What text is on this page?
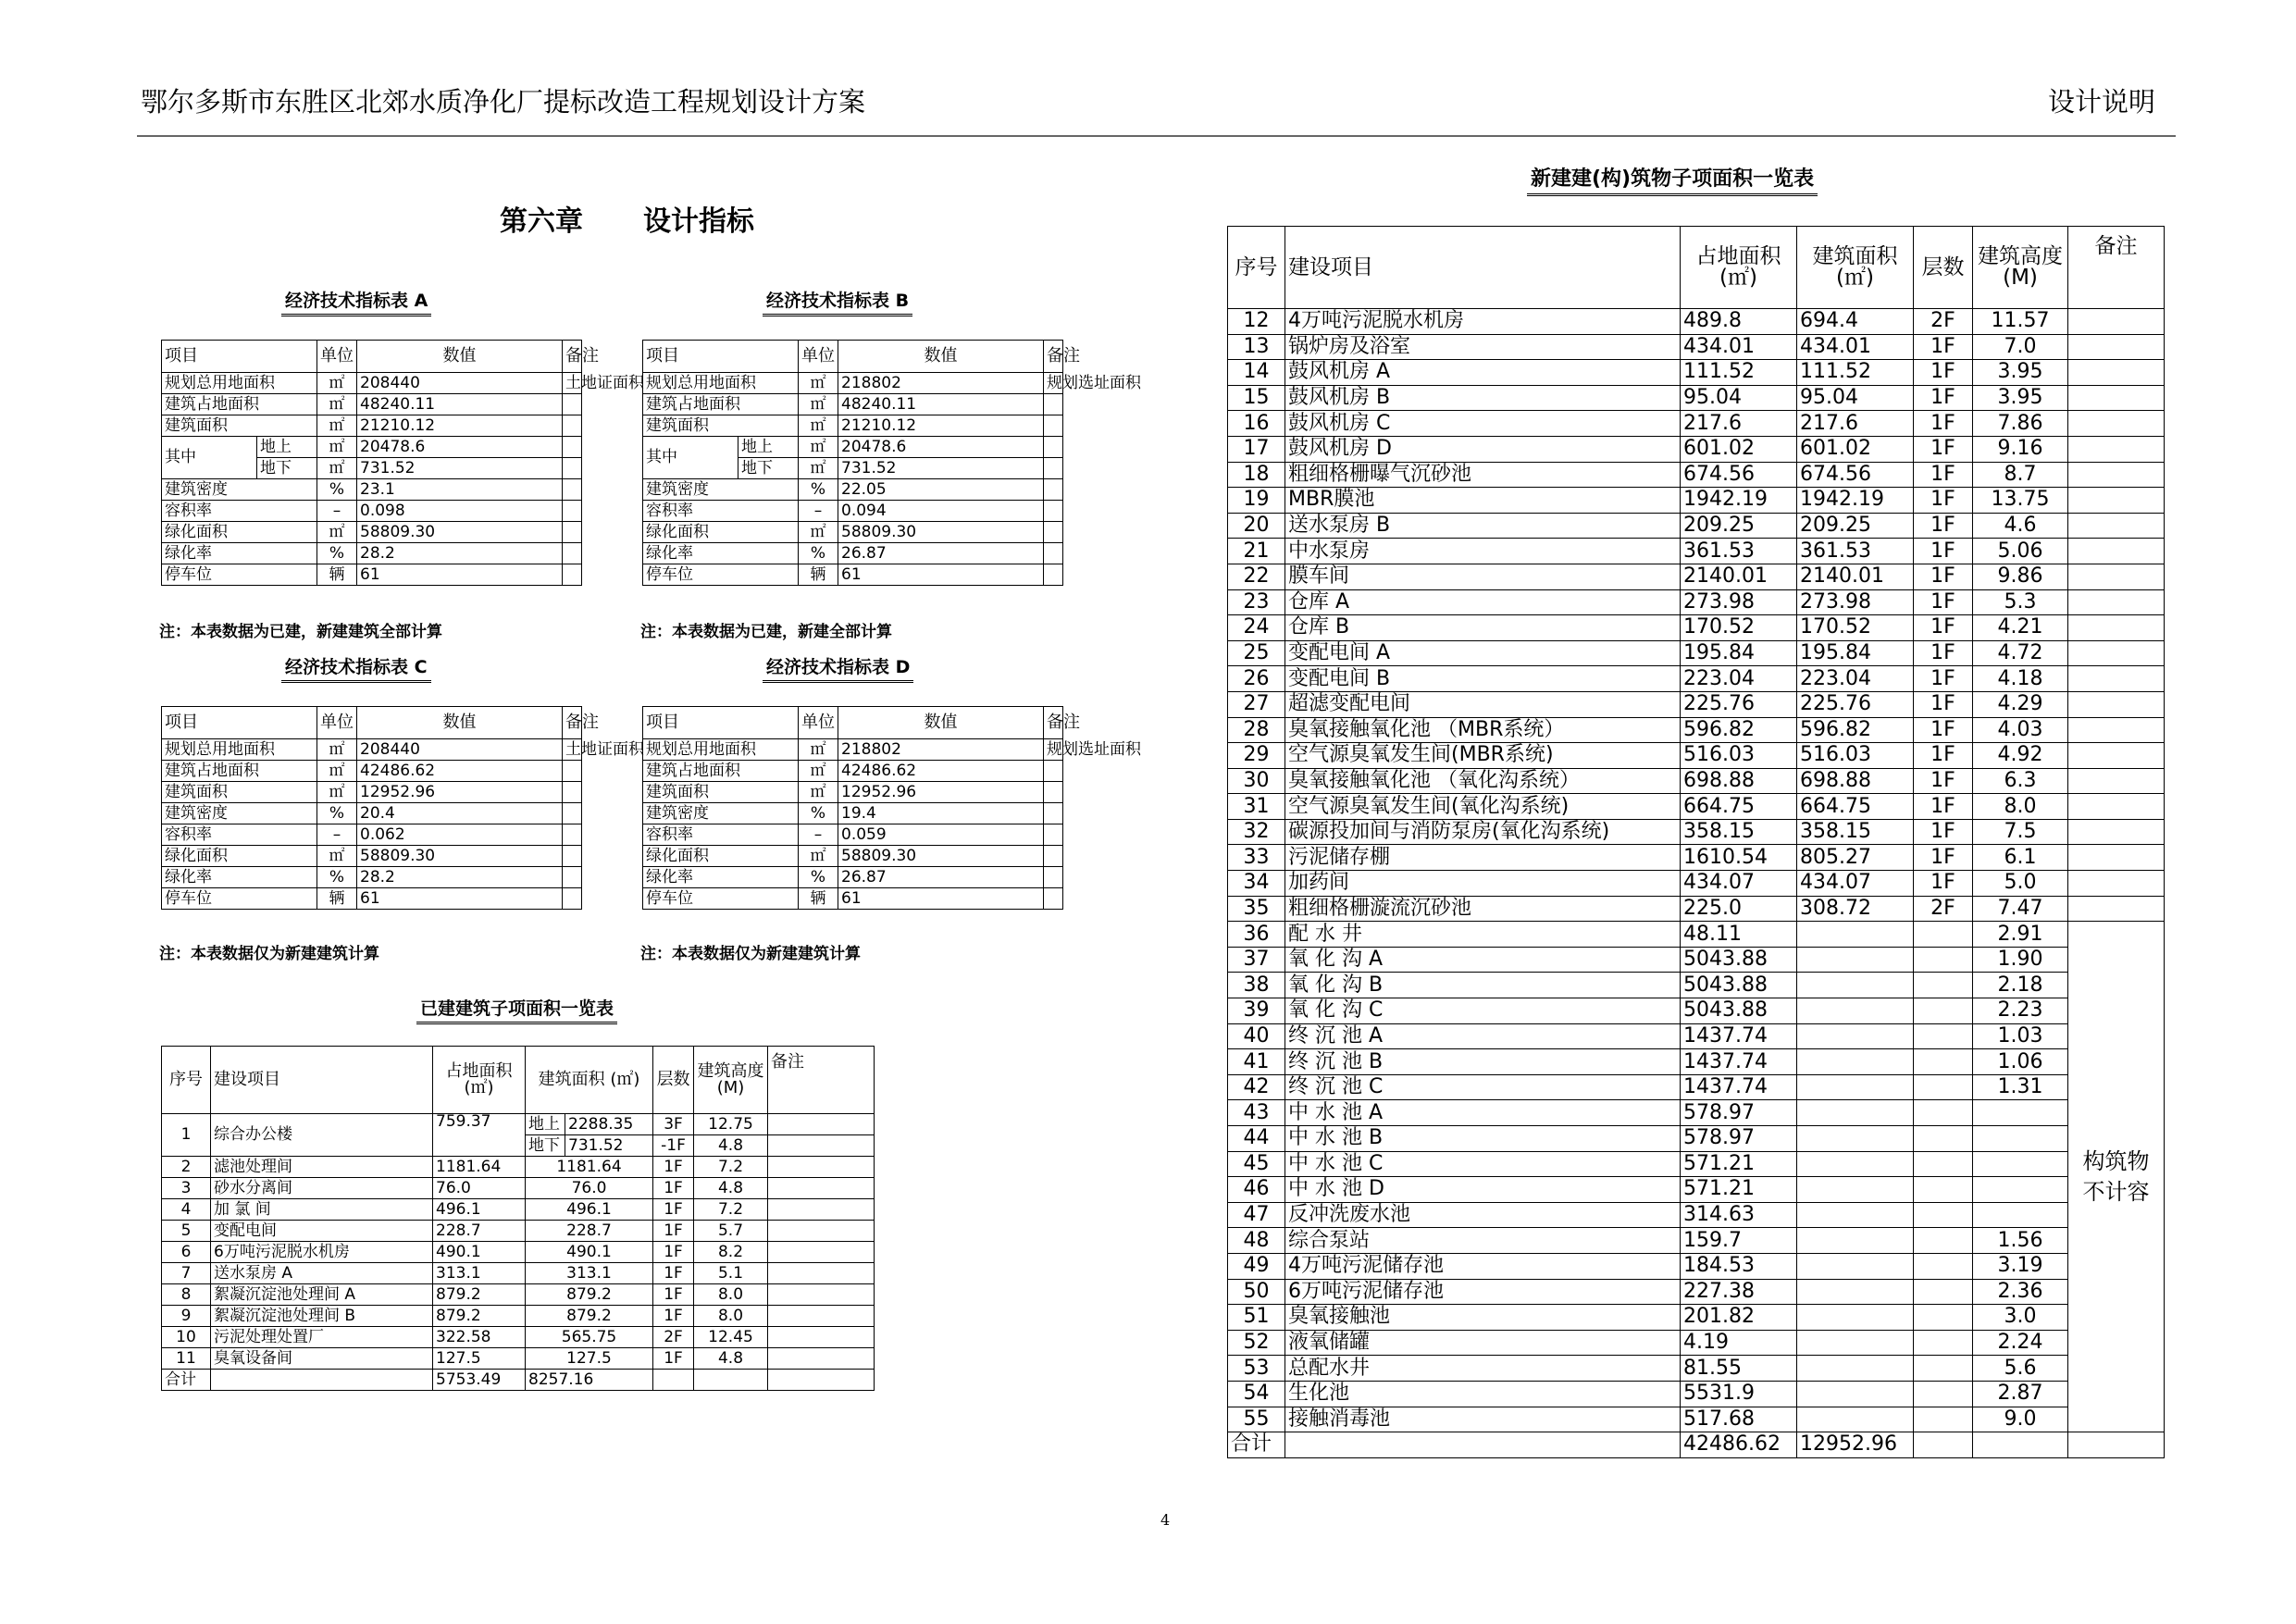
鄂尔多斯市东胜区北郊水质净化厂提标改造工程规划设计方案	设计说明
第六章 设计指标
经济技术指标表 A	经济技术指标表 B
经济技术指标表 C	经济技术指标表 D
已建建筑子项面积一览表
新建建(构)筑物子项面积一览表
项目		单位	数值	备注
规划总用地面积		㎡	208440	土地证面积
建筑占地面积		㎡	48240.11	
建筑面积		㎡	21210.12	
其中	地上	㎡	20478.6	
	地下	㎡	731.52	
建筑密度		%	23.1	
容积率		–	0.098	
绿化面积		㎡	58809.30	
绿化率		%	28.2	
停车位		辆	61	
项目		单位	数值	备注
规划总用地面积		㎡	218802	规划选址面积
建筑占地面积		㎡	48240.11	
建筑面积		㎡	21210.12	
其中	地上	㎡	20478.6	
	地下	㎡	731.52	
建筑密度		%	22.05	
容积率		–	0.094	
绿化面积		㎡	58809.30	
绿化率		%	26.87	
停车位		辆	61	
项目	单位	数值	备注
规划总用地面积	㎡	208440	土地证面积
建筑占地面积	㎡	42486.62	
建筑面积	㎡	12952.96	
建筑密度	%	20.4	
容积率	–	0.062	
绿化面积	㎡	58809.30	
绿化率	%	28.2	
停车位	辆	61	
项目	单位	数值	备注
规划总用地面积	㎡	218802	规划选址面积
建筑占地面积	㎡	42486.62	
建筑面积	㎡	12952.96	
建筑密度	%	19.4	
容积率	–	0.059	
绿化面积	㎡	58809.30	
绿化率	%	26.87	
停车位	辆	61	
注：本表数据为已建，新建建筑全部计算	注：本表数据为已建，新建全部计算
注：本表数据仅为新建建筑计算	注：本表数据仅为新建建筑计算
序号	建设项目	占地面积 (㎡)	建筑面积 (㎡)		层数	建筑高度 (M)	备注
1	综合办公楼	759.37	地上	2288.35	3F	12.75	
			地下	731.52	-1F	4.8	
2	滤池处理间	1181.64	1181.64		1F	7.2	
3	砂水分离间	76.0	76.0		1F	4.8	
4	加 氯 间	496.1	496.1		1F	7.2	
5	变配电间	228.7	228.7		1F	5.7	
6	6万吨污泥脱水机房	490.1	490.1		1F	8.2	
7	送水泵房 A	313.1	313.1		1F	5.1	
8	絮凝沉淀池处理间 A	879.2	879.2		1F	8.0	
9	絮凝沉淀池处理间 B	879.2	879.2		1F	8.0	
10	污泥处理处置厂	322.58	565.75		2F	12.45	
11	臭氧设备间	127.5	127.5		1F	4.8	
合计		5753.49	8257.16				
序号	建设项目	占地面积 (㎡)	建筑面积 (㎡)	层数	建筑高度 (M)	备注
12	4万吨污泥脱水机房	489.8	694.4	2F	11.57	
13	锅炉房及浴室	434.01	434.01	1F	7.0	
14	鼓风机房 A	111.52	111.52	1F	3.95	
15	鼓风机房 B	95.04	95.04	1F	3.95	
16	鼓风机房 C	217.6	217.6	1F	7.86	
17	鼓风机房 D	601.02	601.02	1F	9.16	
18	粗细格栅曝气沉砂池	674.56	674.56	1F	8.7	
19	MBR膜池	1942.19	1942.19	1F	13.75	
20	送水泵房 B	209.25	209.25	1F	4.6	
21	中水泵房	361.53	361.53	1F	5.06	
22	膜车间	2140.01	2140.01	1F	9.86	
23	仓库 A	273.98	273.98	1F	5.3	
24	仓库 B	170.52	170.52	1F	4.21	
25	变配电间 A	195.84	195.84	1F	4.72	
26	变配电间 B	223.04	223.04	1F	4.18	
27	超滤变配电间	225.76	225.76	1F	4.29	
28	臭氧接触氧化池 （MBR系统）	596.82	596.82	1F	4.03	
29	空气源臭氧发生间(MBR系统)	516.03	516.03	1F	4.92	
30	臭氧接触氧化池 （氧化沟系统）	698.88	698.88	1F	6.3	
31	空气源臭氧发生间(氧化沟系统)	664.75	664.75	1F	8.0	
32	碳源投加间与消防泵房(氧化沟系统)	358.15	358.15	1F	7.5	
33	污泥储存棚	1610.54	805.27	1F	6.1	
34	加药间	434.07	434.07	1F	5.0	
35	粗细格栅漩流沉砂池	225.0	308.72	2F	7.47	
36	配 水 井	48.11			2.91	构筑物不计容
37	氧 化 沟 A	5043.88			1.90	
38	氧 化 沟 B	5043.88			2.18	
39	氧 化 沟 C	5043.88			2.23	
40	终 沉 池 A	1437.74			1.03	
41	终 沉 池 B	1437.74			1.06	
42	终 沉 池 C	1437.74			1.31	
43	中 水 池 A	578.97				
44	中 水 池 B	578.97				
45	中 水 池 C	571.21				
46	中 水 池 D	571.21				
47	反冲洗废水池	314.63				
48	综合泵站	159.7			1.56	
49	4万吨污泥储存池	184.53			3.19	
50	6万吨污泥储存池	227.38			2.36	
51	臭氧接触池	201.82			3.0	
52	液氧储罐	4.19			2.24	
53	总配水井	81.55			5.6	
54	生化池	5531.9			2.87	
55	接触消毒池	517.68			9.0	
合计		42486.62	12952.96			
4
